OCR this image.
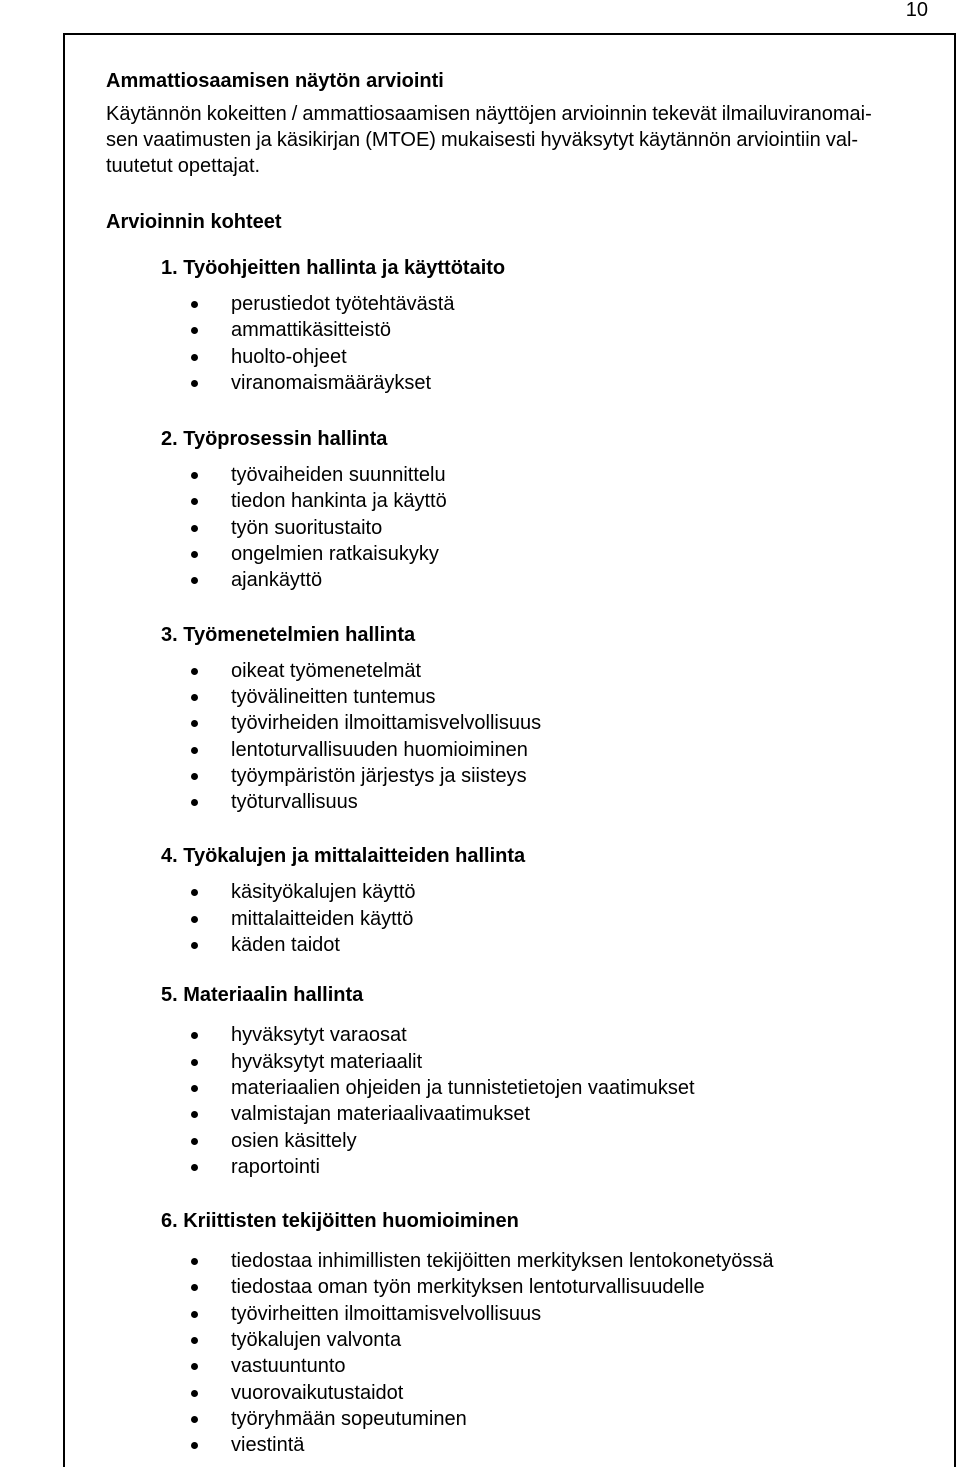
10
Ammattiosaamisen näytön arviointi

Käytännön kokeitten / ammattiosaamisen näyttöjen arvioinnin tekevät ilmailuviranomai-
sen vaatimusten ja käsikirjan (MTOE) mukaisesti hyväksytyt käytännön arviointiin val-
tuutetut opettajat.

Arvioinnin kohteet
1. Työohjeitten hallinta ja käyttötaito
perustiedot työtehtävästä
ammattikäsitteistö
huolto-ohjeet
viranomaismääräykset
2. Työprosessin hallinta
työvaiheiden suunnittelu
tiedon hankinta ja käyttö
työn suoritustaito
ongelmien ratkaisukyky
ajankäyttö
3. Työmenetelmien hallinta
oikeat työmenetelmät
työvälineitten tuntemus
työvirheiden ilmoittamisvelvollisuus
lentoturvallisuuden huomioiminen
työympäristön järjestys ja siisteys
työturvallisuus
4. Työkalujen ja mittalaitteiden hallinta
käsityökalujen käyttö
mittalaitteiden käyttö
käden taidot
5. Materiaalin hallinta
hyväksytyt varaosat
hyväksytyt materiaalit
materiaalien ohjeiden ja tunnistetietojen vaatimukset
valmistajan materiaalivaatimukset
osien käsittely
raportointi
6. Kriittisten tekijöitten huomioiminen
tiedostaa inhimillisten tekijöitten merkityksen lentokonetyössä
tiedostaa oman työn merkityksen lentoturvallisuudelle
työvirheitten ilmoittamisvelvollisuus
työkalujen valvonta
vastuuntunto
vuorovaikutustaidot
työryhmään sopeutuminen
viestintä
